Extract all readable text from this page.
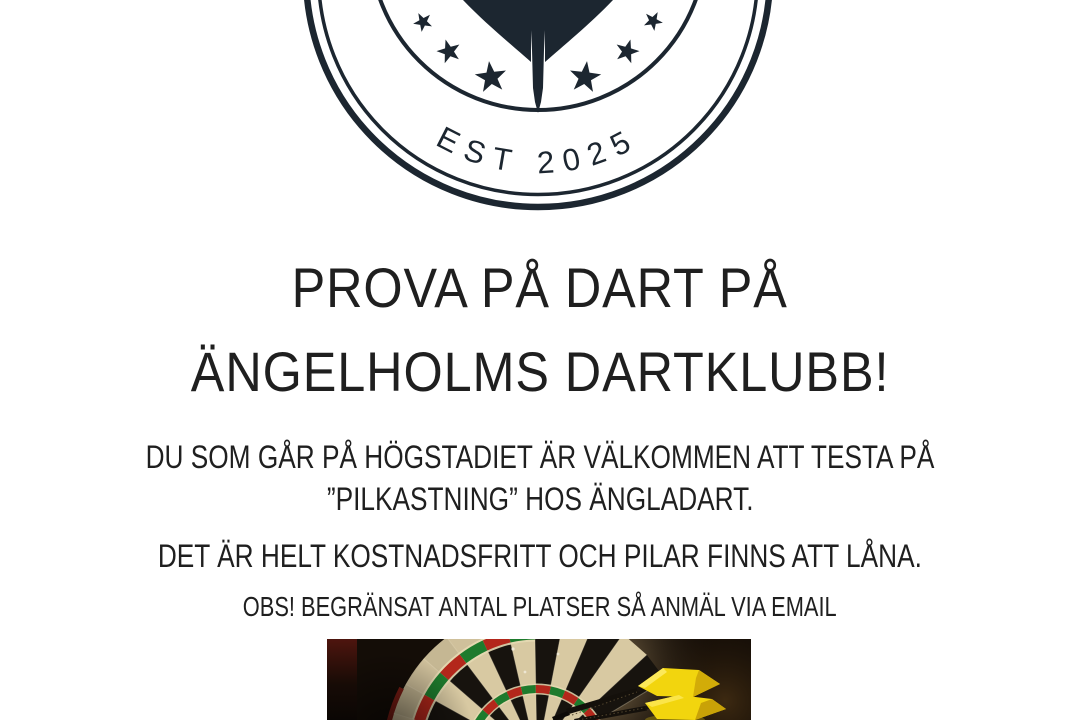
EST 2025
PROVA PÅ DART PÅ
ÄNGELHOLMS DARTKLUBB!
DU SOM GÅR PÅ HÖGSTADIET ÄR VÄLKOMMEN ATT TESTA PÅ
”PILKASTNING” HOS ÄNGLADART.
DET ÄR HELT KOSTNADSFRITT OCH PILAR FINNS ATT LÅNA.
OBS! BEGRÄNSAT ANTAL PLATSER SÅ ANMÄL VIA EMAIL
